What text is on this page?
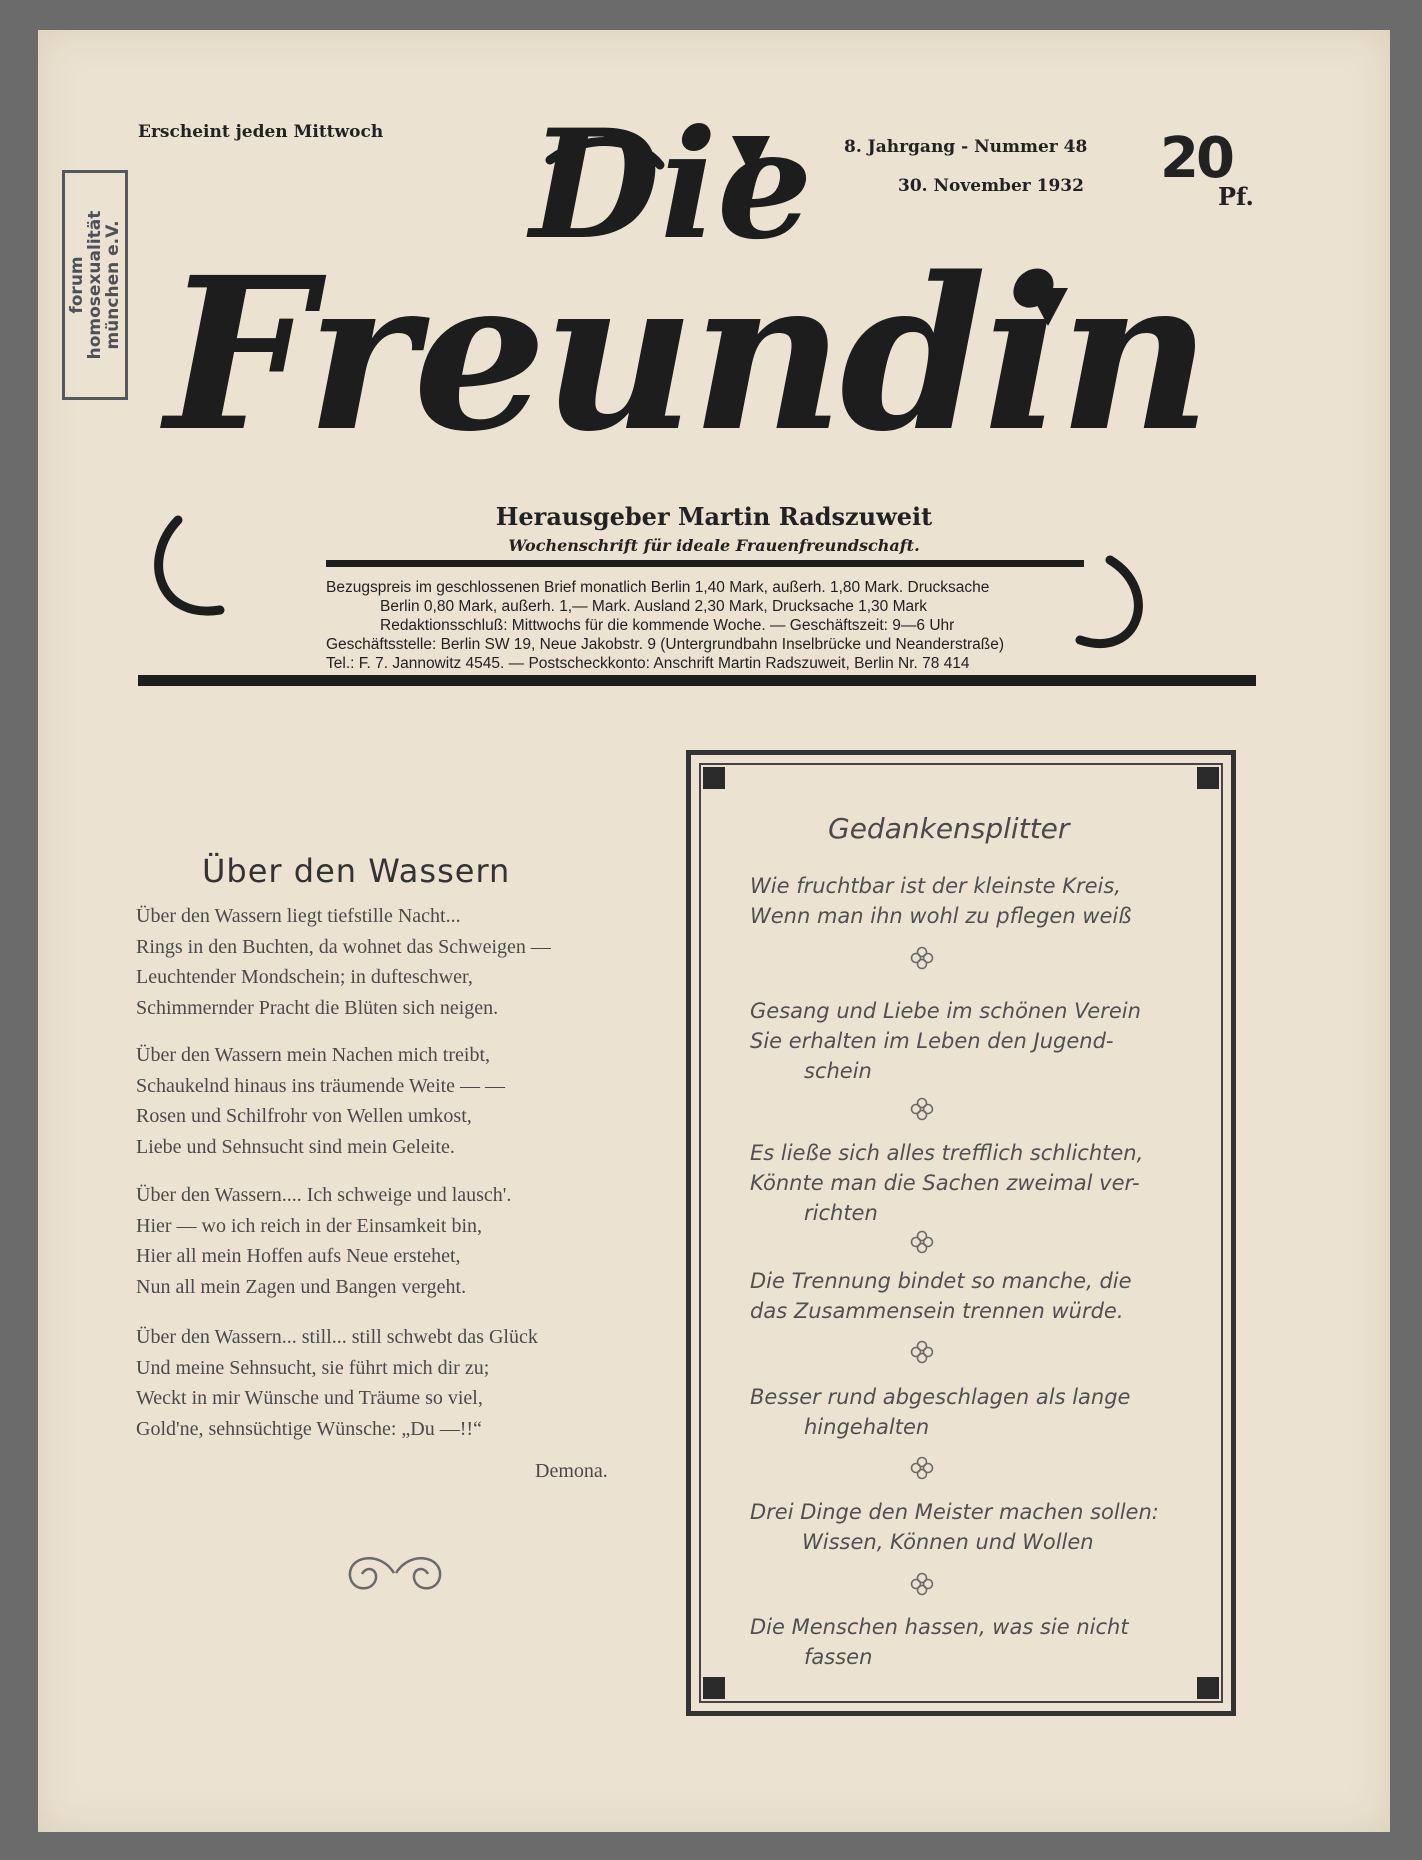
forum
homosexualität
münchen e.V.
Erscheint jeden Mittwoch
8. Jahrgang - Nummer 48
30. November 1932 20
Pf.
Die
Freundin
Herausgeber Martin Radszuweit
Wochenschrift für ideale Frauenfreundschaft.
Bezugspreis im geschlossenen Brief monatlich Berlin 1,40 Mark, außerh. 1,80 Mark. Drucksache
Berlin 0,80 Mark, außerh. 1,— Mark. Ausland 2,30 Mark, Drucksache 1,30 Mark
Redaktionsschluß: Mittwochs für die kommende Woche. — Geschäftszeit: 9—6 Uhr
Geschäftsstelle: Berlin SW 19, Neue Jakobstr. 9 (Untergrundbahn Inselbrücke und Neanderstraße)
Tel.: F. 7. Jannowitz 4545. — Postscheckkonto: Anschrift Martin Radszuweit, Berlin Nr. 78 414
Über den Wassern
Über den Wassern liegt tiefstille Nacht...
Rings in den Buchten, da wohnet das Schweigen —
Leuchtender Mondschein; in dufteschwer,
Schimmernder Pracht die Blüten sich neigen.
Über den Wassern mein Nachen mich treibt,
Schaukelnd hinaus ins träumende Weite — —
Rosen und Schilfrohr von Wellen umkost,
Liebe und Sehnsucht sind mein Geleite.
Über den Wassern.... Ich schweige und lausch'.
Hier — wo ich reich in der Einsamkeit bin,
Hier all mein Hoffen aufs Neue erstehet,
Nun all mein Zagen und Bangen vergeht.
Über den Wassern... still... still schwebt das Glück
Und meine Sehnsucht, sie führt mich dir zu;
Weckt in mir Wünsche und Träume so viel,
Gold'ne, sehnsüchtige Wünsche: „Du —!!“
Demona.
Gedankensplitter
Wie fruchtbar ist der kleinste Kreis,
Wenn man ihn wohl zu pflegen weiß
Gesang und Liebe im schönen Verein
Sie erhalten im Leben den Jugend-
schein
Es ließe sich alles trefflich schlichten,
Könnte man die Sachen zweimal ver-
richten
Die Trennung bindet so manche, die
das Zusammensein trennen würde.
Besser rund abgeschlagen als lange
hingehalten
Drei Dinge den Meister machen sollen:
Wissen, Können und Wollen
Die Menschen hassen, was sie nicht
fassen
